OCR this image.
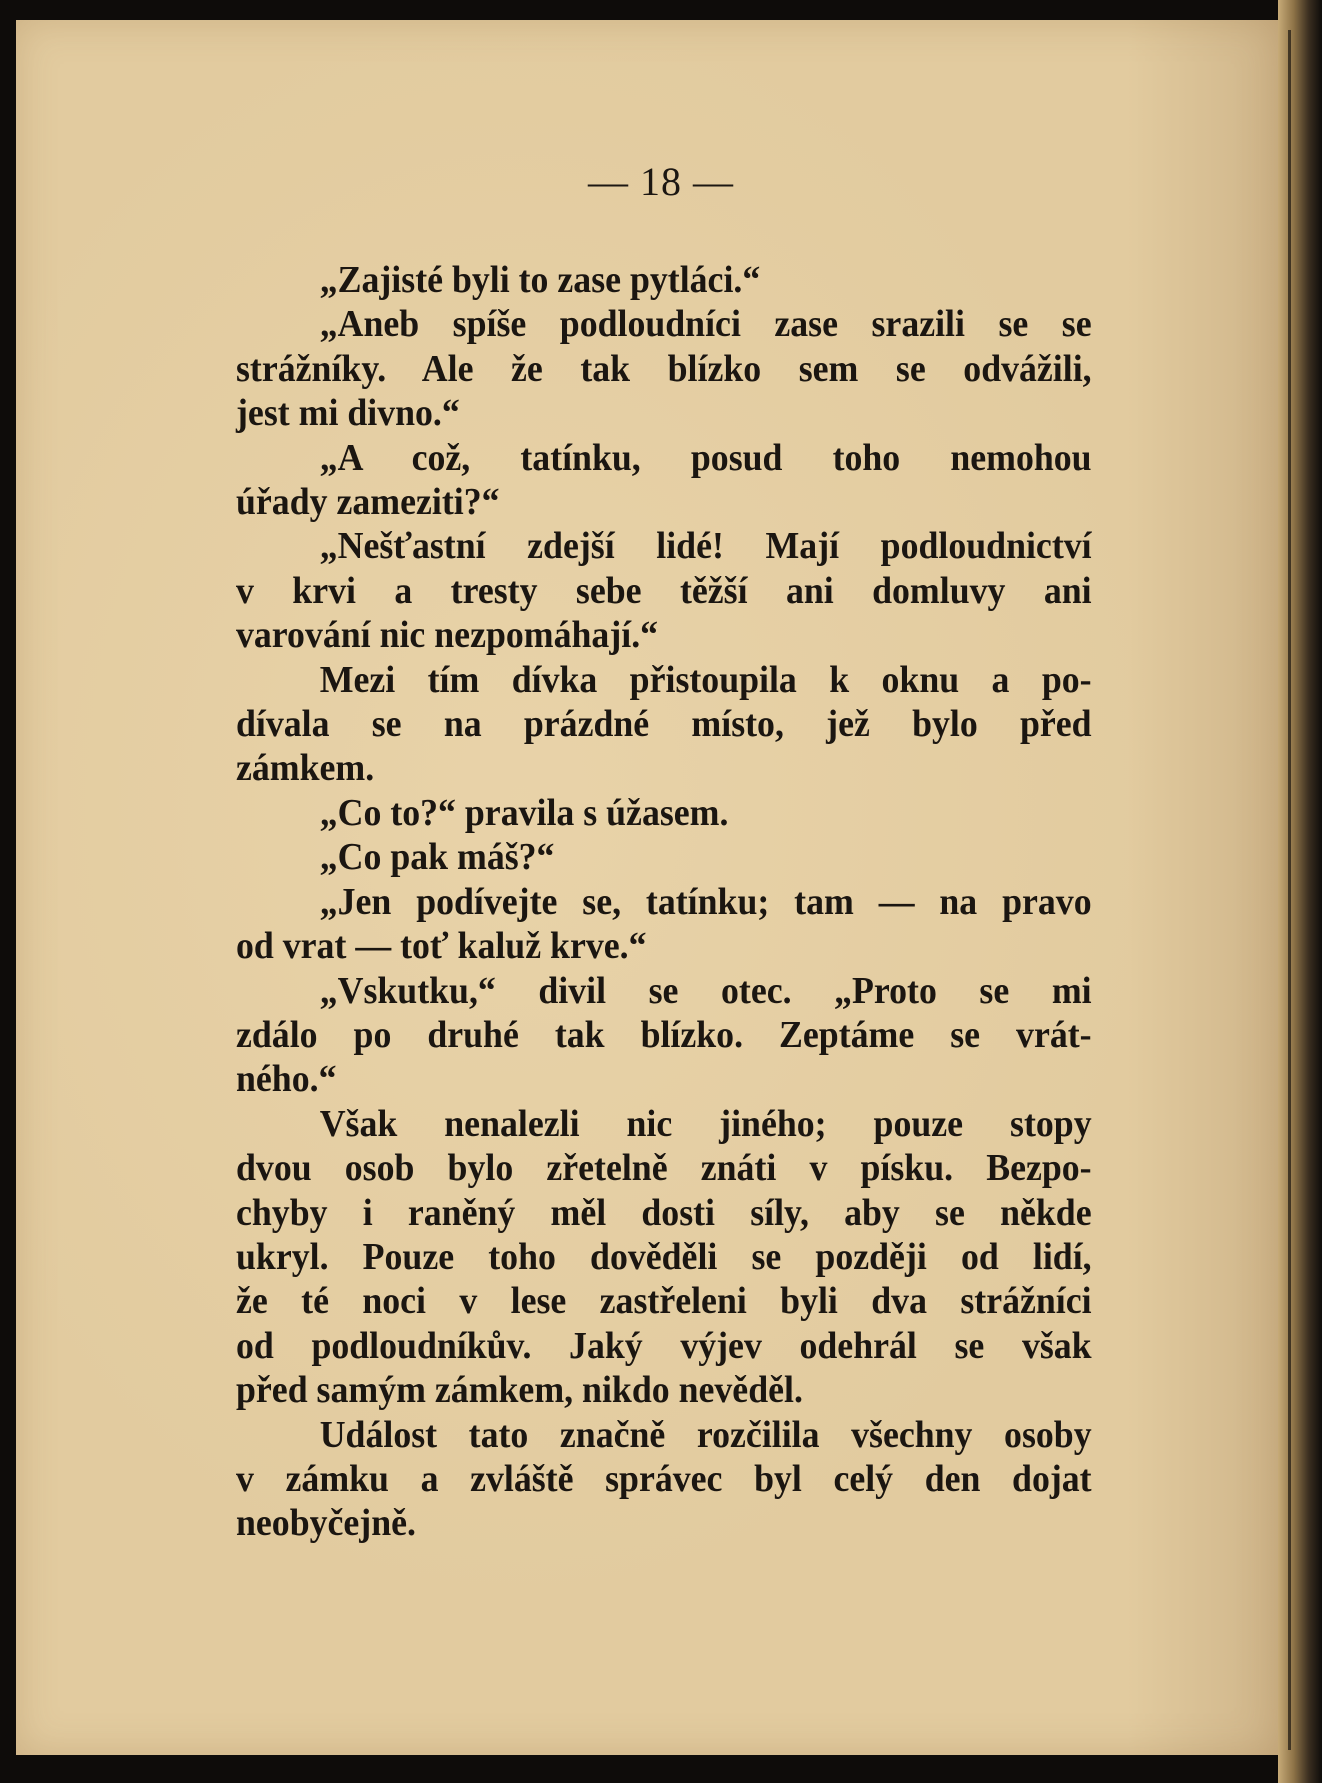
— 18 —
„Zajisté byli to zase pytláci.“
„Aneb spíše podloudníci zase srazili se se
strážníky. Ale že tak blízko sem se odvážili,
jest mi divno.“
„A což, tatínku, posud toho nemohou
úřady zameziti?“
„Nešťastní zdejší lidé! Mají podloudnictví
v krvi a tresty sebe těžší ani domluvy ani
varování nic nezpomáhají.“
Mezi tím dívka přistoupila k oknu a po-
dívala se na prázdné místo, jež bylo před
zámkem.
„Co to?“ pravila s úžasem.
„Co pak máš?“
„Jen podívejte se, tatínku; tam — na pravo
od vrat — toť kaluž krve.“
„Vskutku,“ divil se otec. „Proto se mi
zdálo po druhé tak blízko. Zeptáme se vrát-
ného.“
Však nenalezli nic jiného; pouze stopy
dvou osob bylo zřetelně znáti v písku. Bezpo-
chyby i raněný měl dosti síly, aby se někde
ukryl. Pouze toho dověděli se později od lidí,
že té noci v lese zastřeleni byli dva strážníci
od podloudníkův. Jaký výjev odehrál se však
před samým zámkem, nikdo nevěděl.
Událost tato značně rozčilila všechny osoby
v zámku a zvláště správec byl celý den dojat
neobyčejně.
